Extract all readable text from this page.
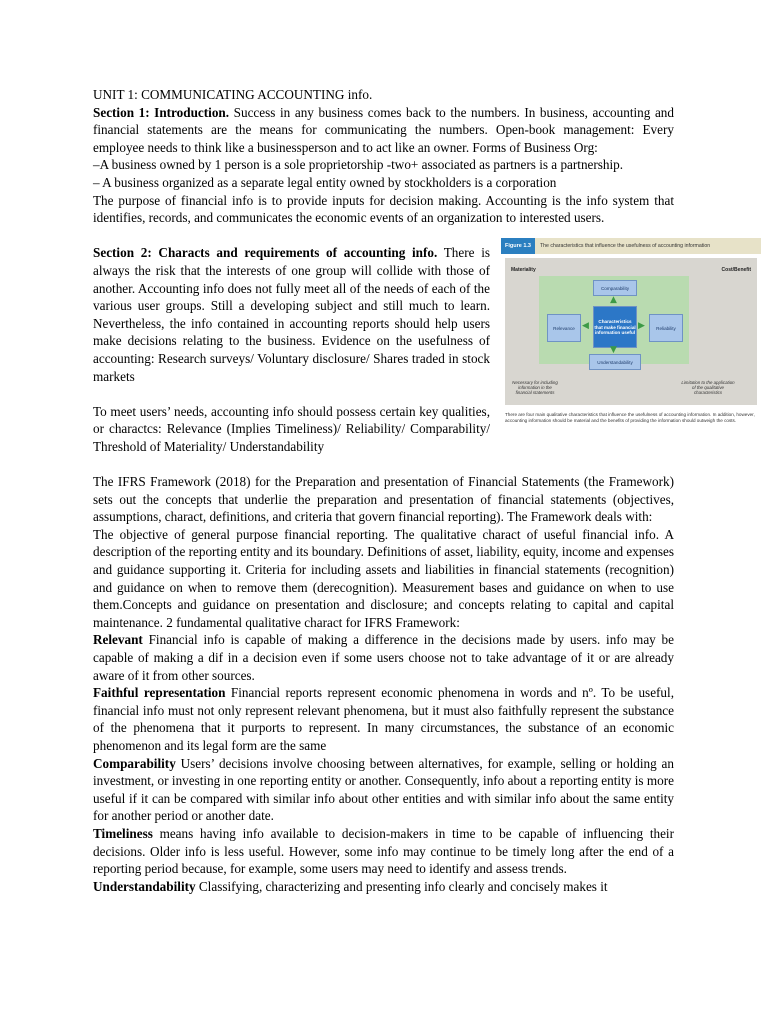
UNIT 1: COMMUNICATING ACCOUNTING info.

Section 1: Introduction. Success in any business comes back to the numbers. In business, accounting and financial statements are the means for communicating the numbers. Open-book management: Every employee needs to think like a businessperson and to act like an owner. Forms of Business Org:

–A business owned by 1 person is a sole proprietorship -two+ associated as partners is a partnership.

– A business organized as a separate legal entity owned by stockholders is a corporation

The purpose of financial info is to provide inputs for decision making. Accounting is the info system that identifies, records, and communicates the economic events of an organization to interested users.

Section 2: Characts and requirements of accounting info. There is always the risk that the interests of one group will collide with those of another. Accounting info does not fully meet all of the needs of each of the various user groups. Still a developing subject and still much to learn. Nevertheless, the info contained in accounting reports should help users make decisions relating to the business. Evidence on the usefulness of accounting: Research surveys/ Voluntary disclosure/ Shares traded in stock markets

To meet users’ needs, accounting info should possess certain key qualities, or charactcs: Relevance (Implies Timeliness)/ Reliability/ Comparability/ Threshold of Materiality/ Understandability

Figure 1.3	The characteristics that influence the usefulness of accounting information
Materiality	Cost/Benefit
Comparability
Relevance
Characteristics that make financial information useful
Reliability
Understandability
▲
▼
◀	▶
Necessary for including information in the financial statements
Limitation to the application of the qualitative characteristics
There are four main qualitative characteristics that influence the usefulness of accounting information. In addition, however, accounting information should be material and the benefits of providing the information should outweigh the costs.

The IFRS Framework (2018) for the Preparation and presentation of Financial Statements (the Framework) sets out the concepts that underlie the preparation and presentation of financial statements (objectives, assumptions, charact, definitions, and criteria that govern financial reporting). The Framework deals with:

The objective of general purpose financial reporting. The qualitative charact of useful financial info. A description of the reporting entity and its boundary. Definitions of asset, liability, equity, income and expenses and guidance supporting it. Criteria for including assets and liabilities in financial statements (recognition) and guidance on when to remove them (derecognition). Measurement bases and guidance on when to use them.Concepts and guidance on presentation and disclosure; and concepts relating to capital and capital maintenance. 2 fundamental qualitative charact for IFRS Framework:

Relevant Financial info is capable of making a difference in the decisions made by users. info may be capable of making a dif in a decision even if some users choose not to take advantage of it or are already aware of it from other sources.

Faithful representation Financial reports represent economic phenomena in words and nº. To be useful, financial info must not only represent relevant phenomena, but it must also faithfully represent the substance of the phenomena that it purports to represent. In many circumstances, the substance of an economic phenomenon and its legal form are the same

Comparability Users’ decisions involve choosing between alternatives, for example, selling or holding an investment, or investing in one reporting entity or another. Consequently, info about a reporting entity is more useful if it can be compared with similar info about other entities and with similar info about the same entity for another period or another date.

Timeliness means having info available to decision-makers in time to be capable of influencing their decisions. Older info is less useful. However, some info may continue to be timely long after the end of a reporting period because, for example, some users may need to identify and assess trends.

Understandability Classifying, characterizing and presenting info clearly and concisely makes it
